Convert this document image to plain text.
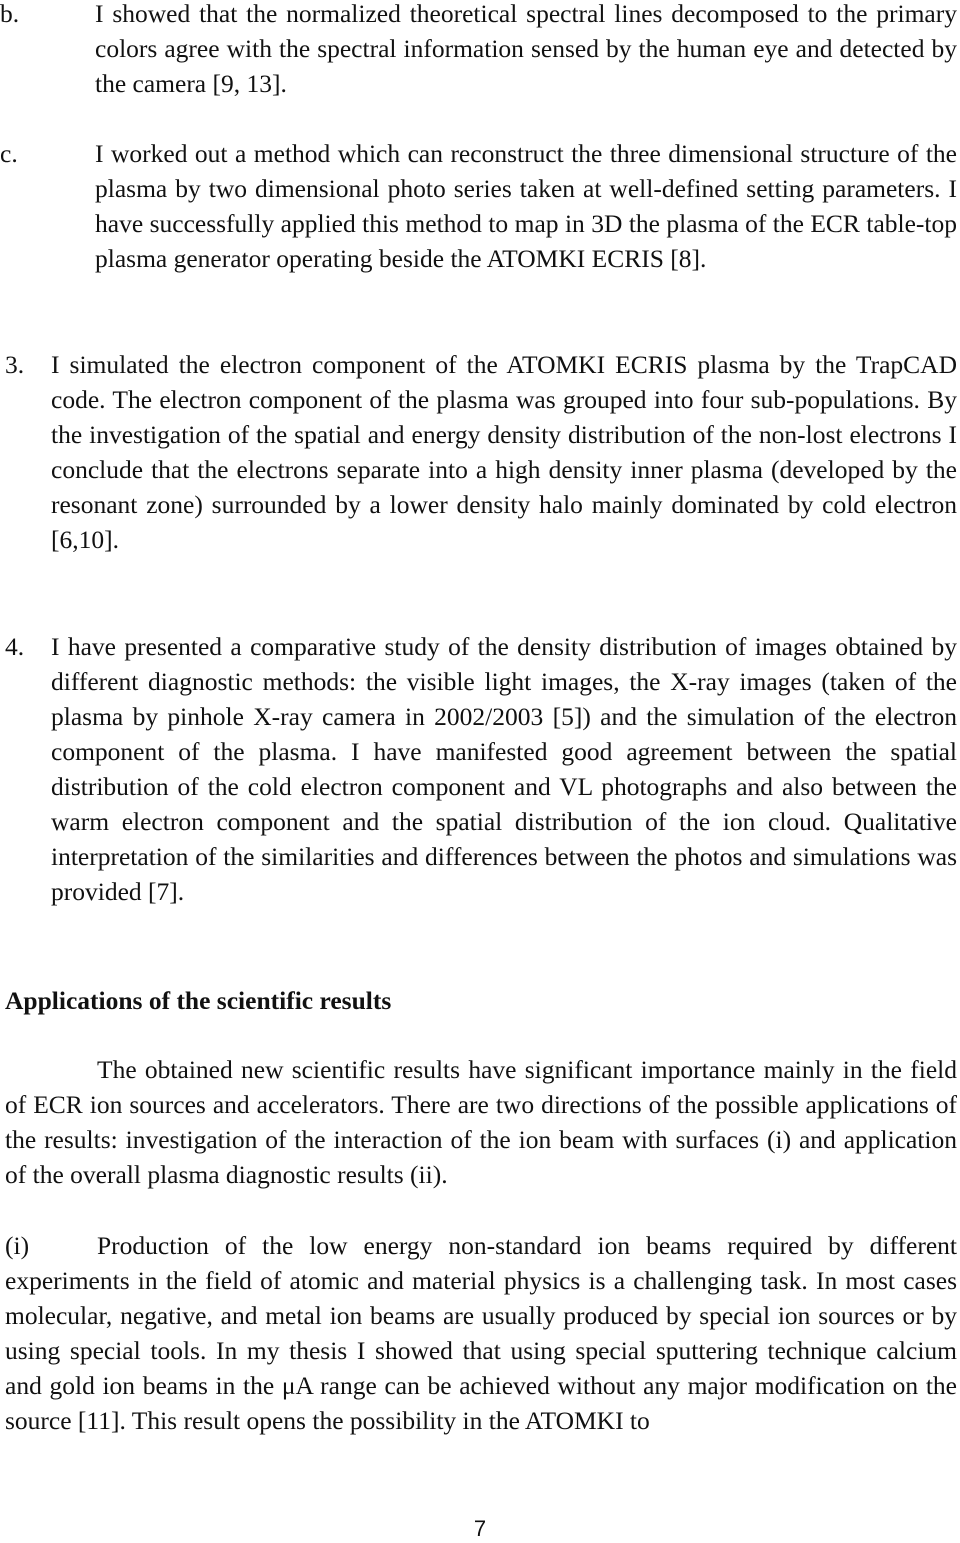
b.	I showed that the normalized theoretical spectral lines decomposed to the primary colors agree with the spectral information sensed by the human eye and detected by the camera [9, 13].

c.	I worked out a method which can reconstruct the three dimensional structure of the plasma by two dimensional photo series taken at well-defined setting parameters. I have successfully applied this method to map in 3D the plasma of the ECR table-top plasma generator operating beside the ATOMKI ECRIS [8].

3.	I simulated the electron component of the ATOMKI ECRIS plasma by the TrapCAD code. The electron component of the plasma was grouped into four sub-populations. By the investigation of the spatial and energy density distribution of the non-lost electrons I conclude that the electrons separate into a high density inner plasma (developed by the resonant zone) surrounded by a lower density halo mainly dominated by cold electron [6,10].

4.	I have presented a comparative study of the density distribution of images obtained by different diagnostic methods: the visible light images, the X-ray images (taken of the plasma by pinhole X-ray camera in 2002/2003 [5]) and the simulation of the electron component of the plasma. I have manifested good agreement between the spatial distribution of the cold electron component and VL photographs and also between the warm electron component and the spatial distribution of the ion cloud. Qualitative interpretation of the similarities and differences between the photos and simulations was provided [7].

Applications of the scientific results

The obtained new scientific results have significant importance mainly in the field of ECR ion sources and accelerators. There are two directions of the possible applications of the results: investigation of the interaction of the ion beam with surfaces (i) and application of the overall plasma diagnostic results (ii).

(i)	Production of the low energy non-standard ion beams required by different experiments in the field of atomic and material physics is a challenging task. In most cases molecular, negative, and metal ion beams are usually produced by special ion sources or by using special tools. In my thesis I showed that using special sputtering technique calcium and gold ion beams in the μA range can be achieved without any major modification on the source [11]. This result opens the possibility in the ATOMKI to

7
